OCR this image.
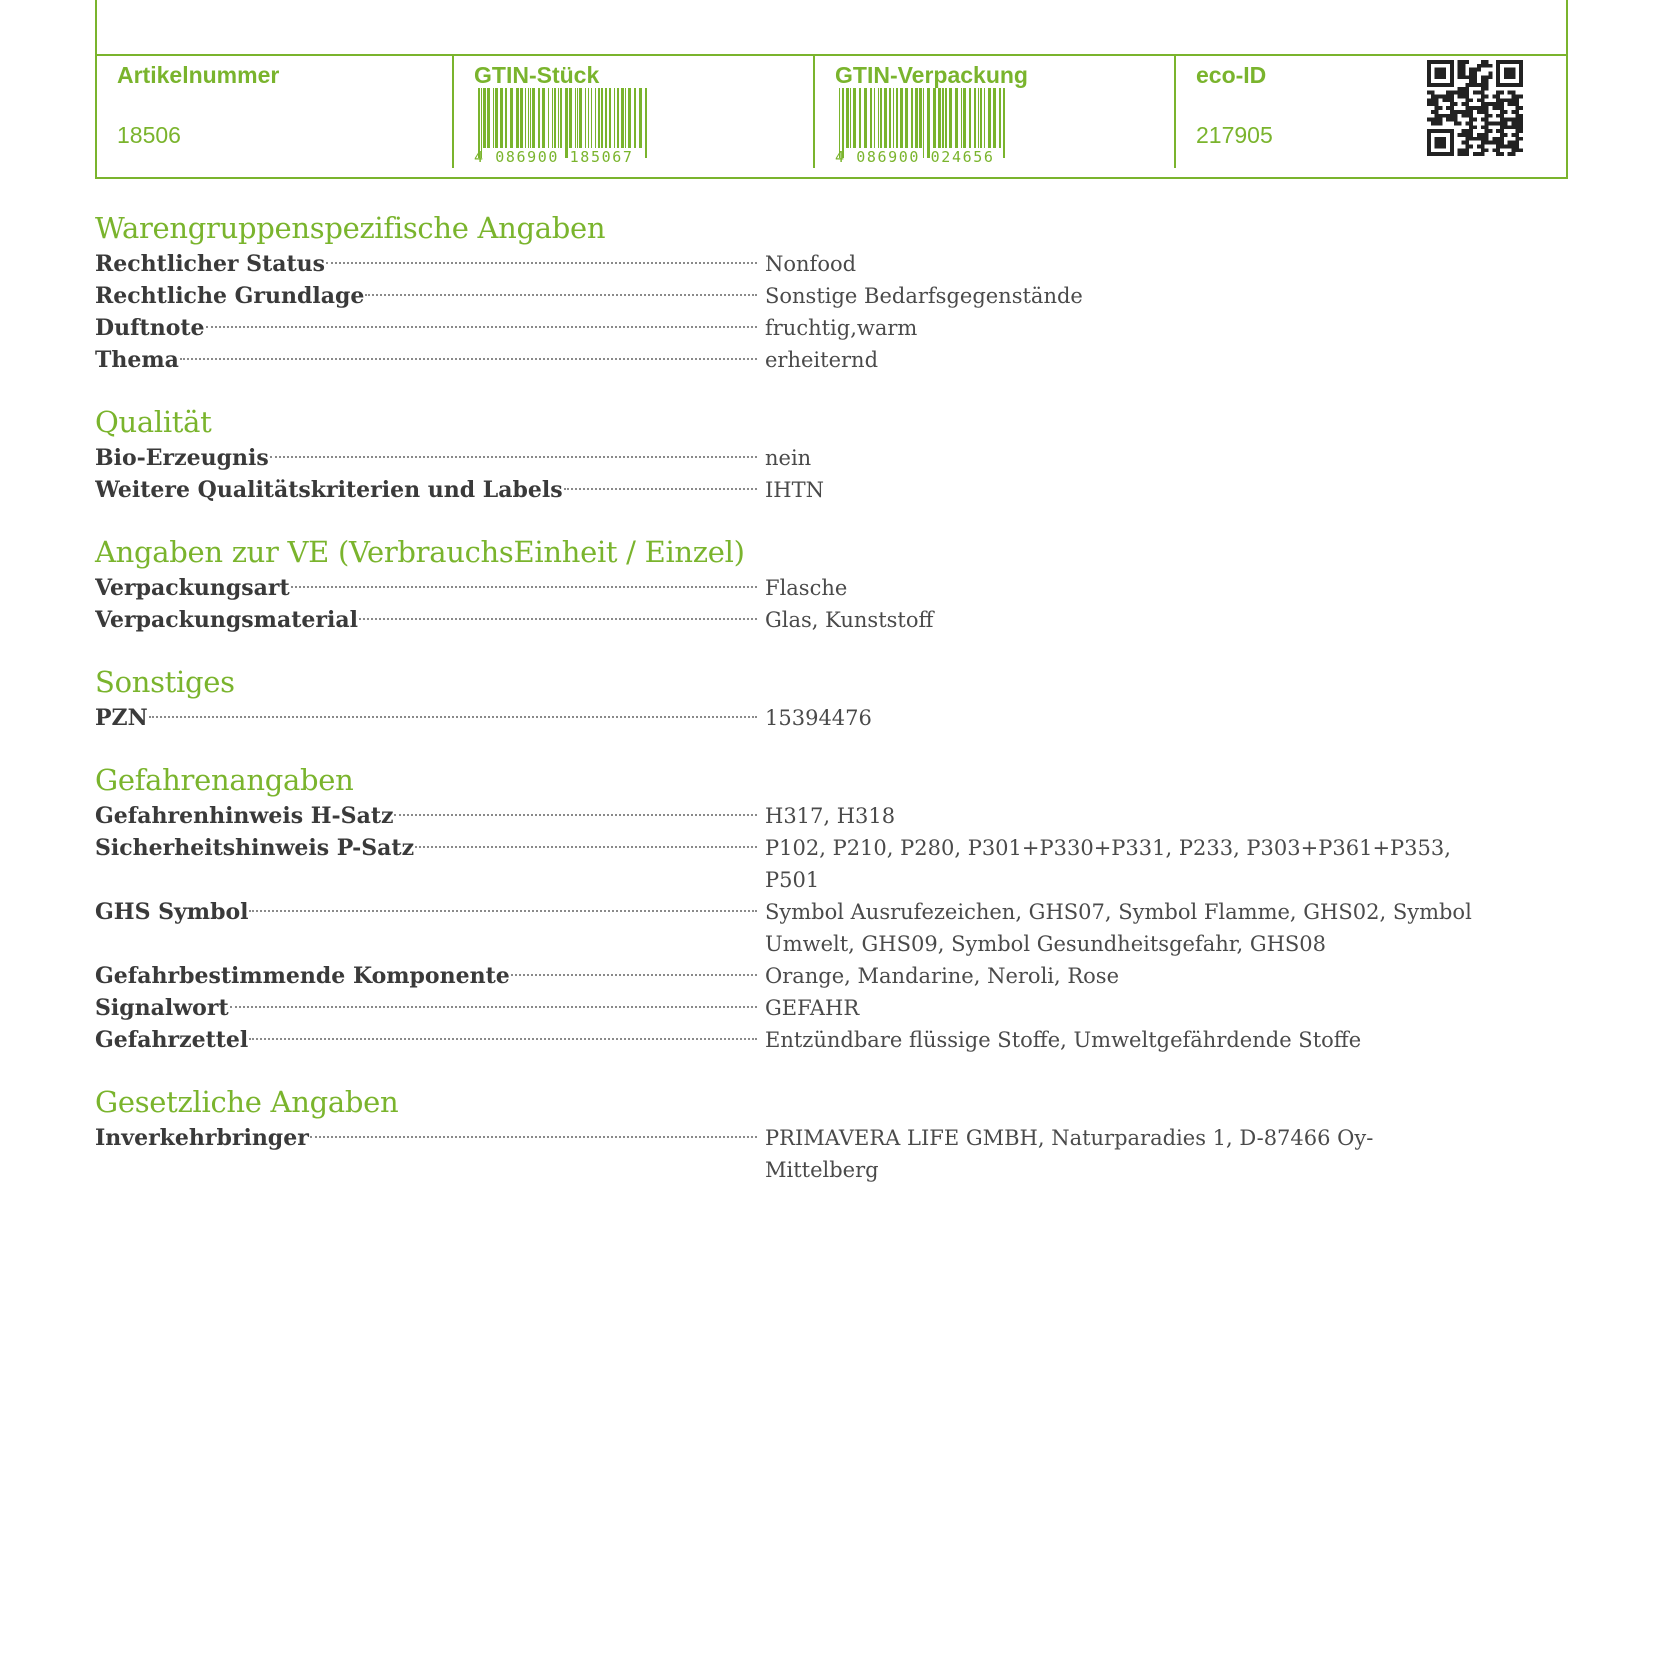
Artikelnummer
18506
GTIN-Stück
4 086900 185067
GTIN-Verpackung
4 086900 024656
eco-ID
217905
Warengruppenspezifische Angaben
Rechtlicher Status	Nonfood
Rechtliche Grundlage	Sonstige Bedarfsgegenstände
Duftnote	fruchtig,warm
Thema	erheiternd
Qualität
Bio-Erzeugnis	nein
Weitere Qualitätskriterien und Labels	IHTN
Angaben zur VE (VerbrauchsEinheit / Einzel)
Verpackungsart	Flasche
Verpackungsmaterial	Glas, Kunststoff
Sonstiges
PZN	15394476
Gefahrenangaben
Gefahrenhinweis H-Satz	H317, H318
Sicherheitshinweis P-Satz	P102, P210, P280, P301+P330+P331, P233, P303+P361+P353, P501
GHS Symbol	Symbol Ausrufezeichen, GHS07, Symbol Flamme, GHS02, Symbol Umwelt, GHS09, Symbol Gesundheitsgefahr, GHS08
Gefahrbestimmende Komponente	Orange, Mandarine, Neroli, Rose
Signalwort	GEFAHR
Gefahrzettel	Entzündbare flüssige Stoffe, Umweltgefährdende Stoffe
Gesetzliche Angaben
Inverkehrbringer	PRIMAVERA LIFE GMBH, Naturparadies 1, D-87466 Oy-Mittelberg
